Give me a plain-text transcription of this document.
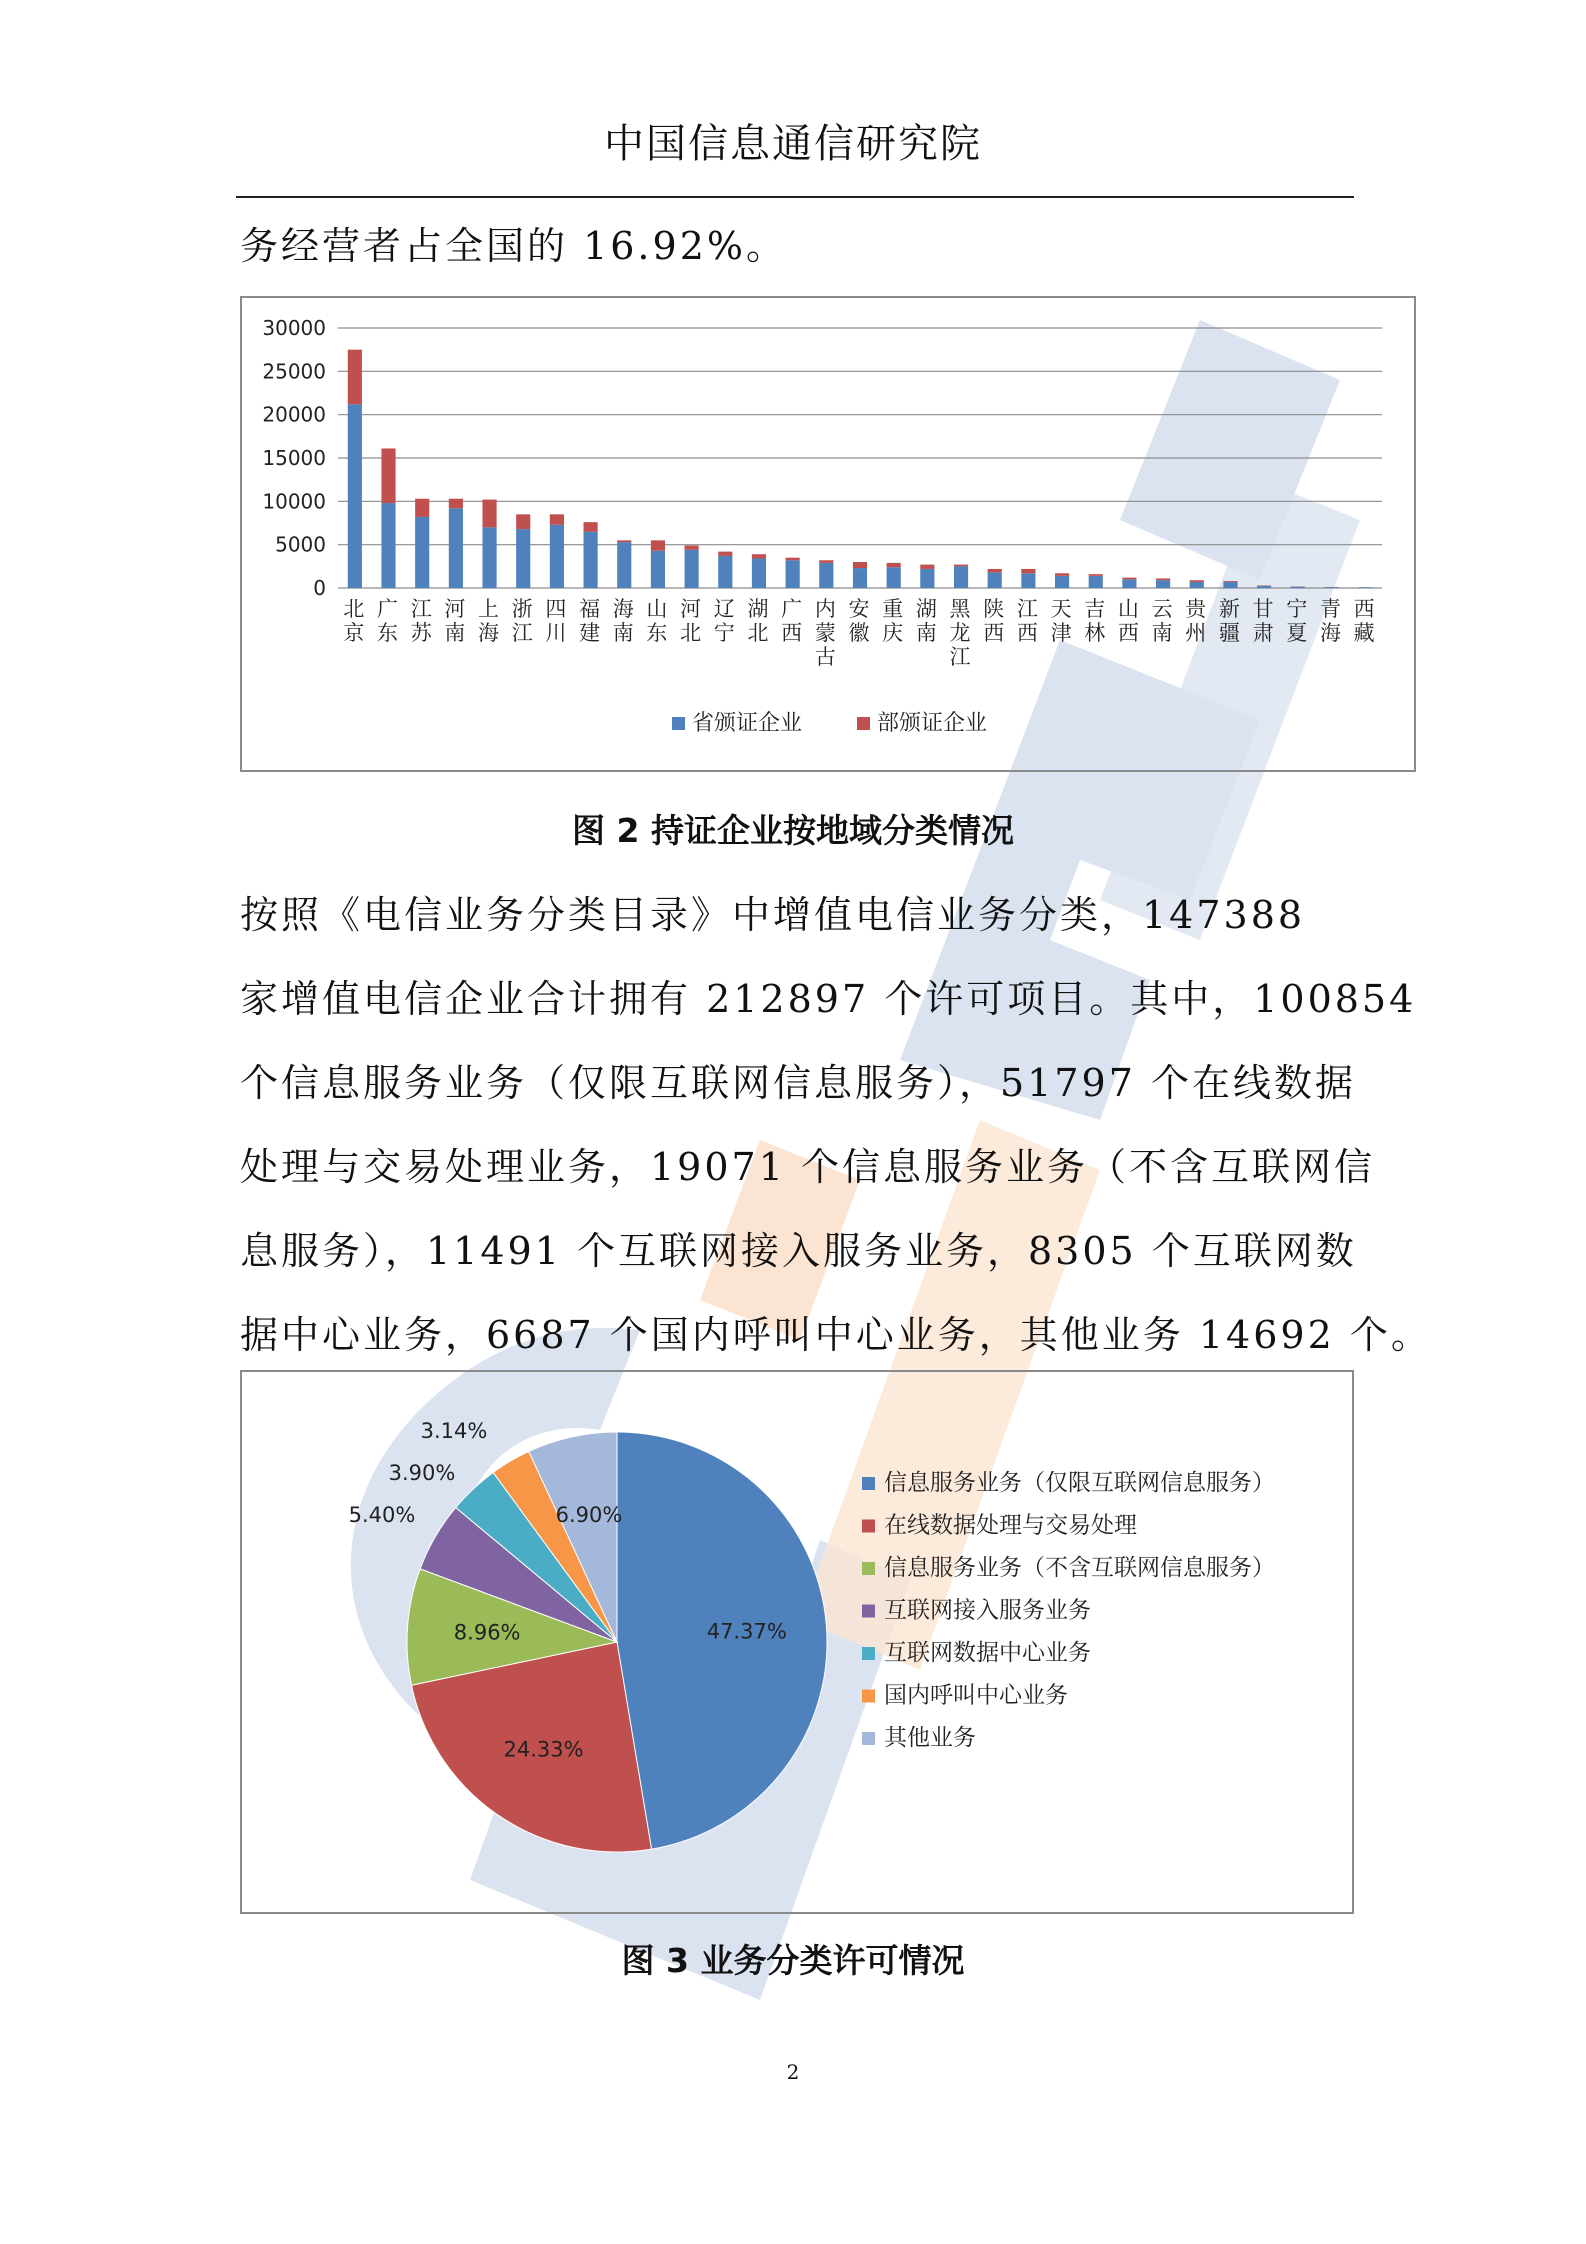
中国信息通信研究院
务经营者占全国的 16.92%。
30000
25000
20000
15000
10000
5000
0
北京
广东
江苏
河南
上海
浙江
四川
福建
海南
山东
河北
辽宁
湖北
广西
内蒙古
安徽
重庆
湖南
黑龙江
陕西
江西
天津
吉林
山西
云南
贵州
新疆
甘肃
宁夏
青海
西藏
省颁证企业	部颁证企业
图 2 持证企业按地域分类情况
按照《电信业务分类目录》中增值电信业务分类，147388
家增值电信企业合计拥有 212897 个许可项目。其中，100854
个信息服务业务（仅限互联网信息服务），51797 个在线数据
处理与交易处理业务，19071 个信息服务业务（不含互联网信
息服务），11491 个互联网接入服务业务，8305 个互联网数
据中心业务，6687 个国内呼叫中心业务，其他业务 14692 个。
47.37%
24.33%
8.96%
5.40%
3.90%
3.14%
6.90%
信息服务业务（仅限互联网信息服务）
在线数据处理与交易处理
信息服务业务（不含互联网信息服务）
互联网接入服务业务
互联网数据中心业务
国内呼叫中心业务
其他业务
图 3 业务分类许可情况
2
